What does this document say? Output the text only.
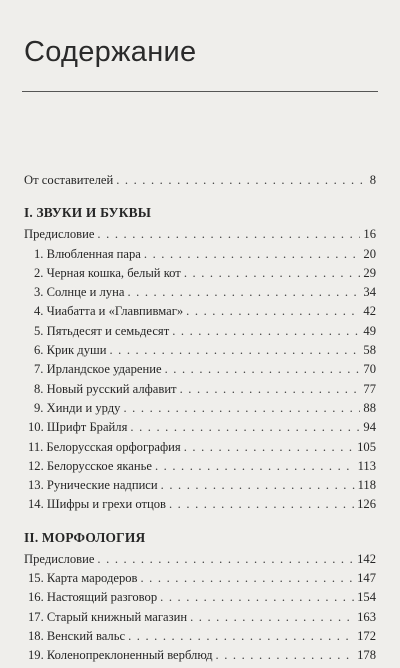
Содержание
От составителей . . .	8
I. ЗВУКИ И БУКВЫ
Предисловие . . .	16
1. Влюбленная пара . . .	20
2. Черная кошка, белый кот . . .	29
3. Солнце и луна . . .	34
4. Чиабатта и «Главпивмаг» . . .	42
5. Пятьдесят и семьдесят . . .	49
6. Крик души . . .	58
7. Ирландское ударение . . .	70
8. Новый русский алфавит . . .	77
9. Хинди и урду . . .	88
10. Шрифт Брайля . . .	94
11. Белорусская орфография . . .	105
12. Белорусское яканье . . .	113
13. Рунические надписи . . .	118
14. Шифры и грехи отцов . . .	126
II. МОРФОЛОГИЯ
Предисловие . . .	142
15. Карта мародеров . . .	147
16. Настоящий разговор . . .	154
17. Старый книжный магазин . . .	163
18. Венский вальс . . .	172
19. Коленопреклоненный верблюд . . .	178
